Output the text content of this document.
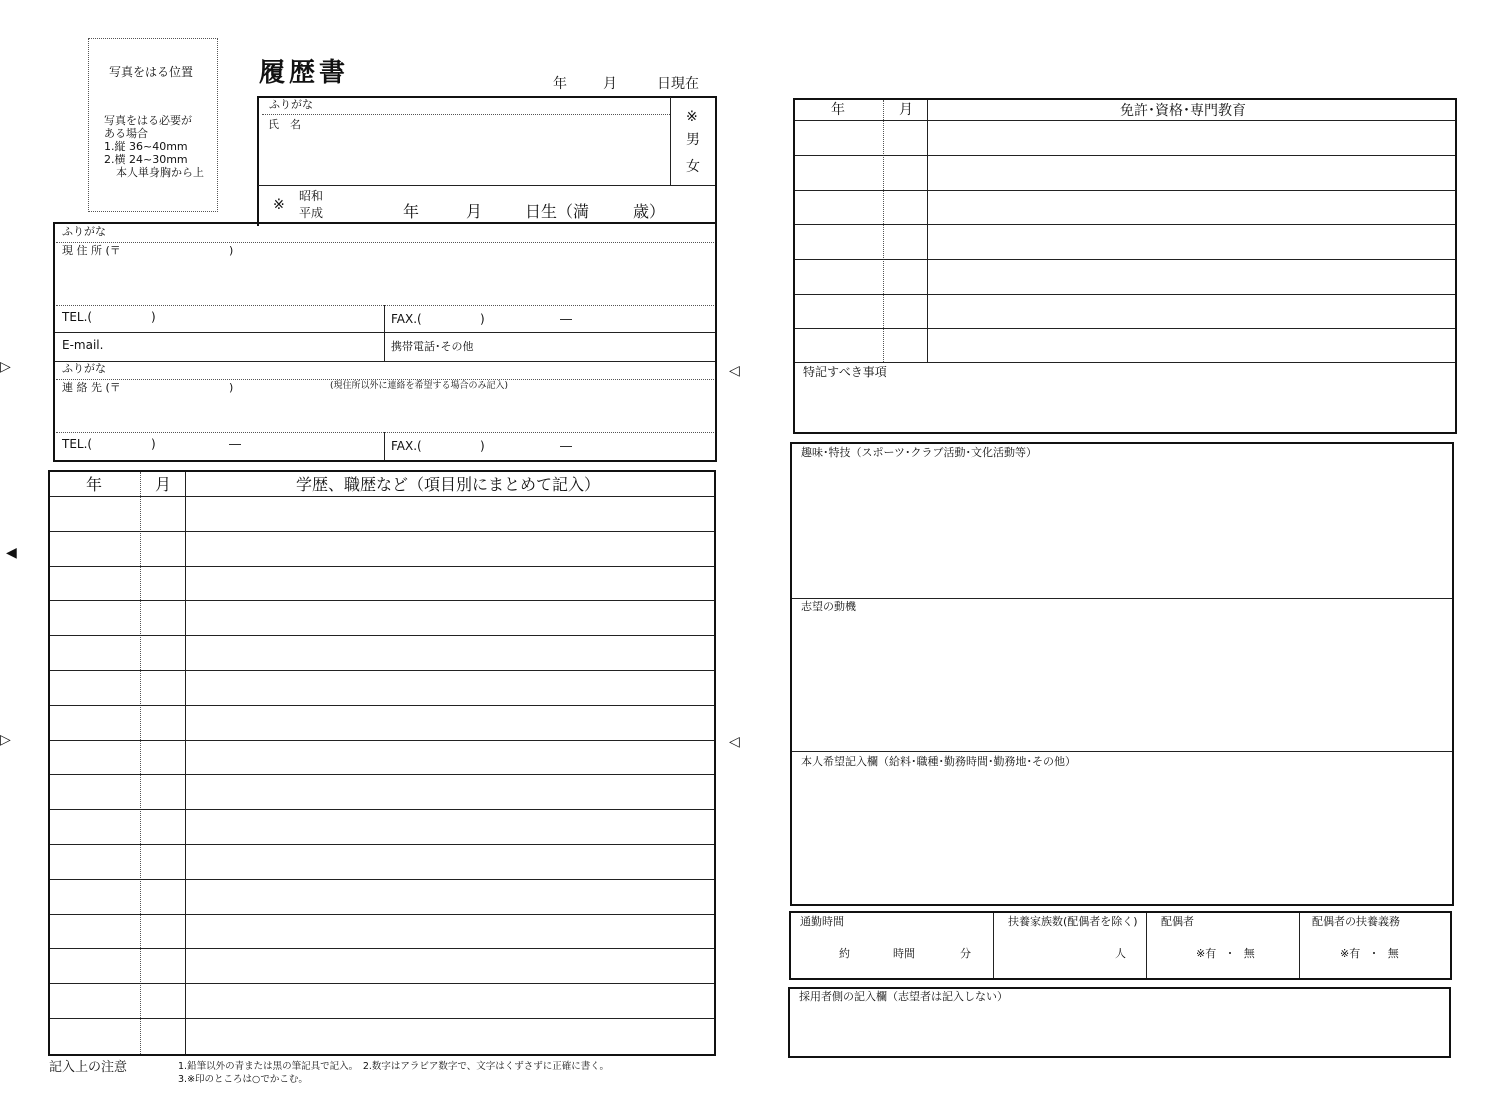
写真をはる位置
写真をはる必要が
ある場合
1.縦 36~40mm
2.横 24~30mm
本人単身胸から上
履歴書	年	月	日現在
ふりがな
氏　名	※
男
女
※
昭和
平成	年	月	日生（満	歳）
ふりがな
現 住 所 (〒	)
TEL.(	)	FAX.(	)	―
E-mail.	携帯電話･その他
ふりがな
連 絡 先 (〒	)	(現住所以外に連絡を希望する場合のみ記入)
TEL.(	)	―	FAX.(	)	―
年	月	学歴、職歴など（項目別にまとめて記入）
記入上の注意	1.鉛筆以外の青または黒の筆記具で記入。　2.数字はアラビア数字で、文字はくずさずに正確に書く。
3.※印のところは○でかこむ。
▷
◀
▷
◁
◁
年	月	免許･資格･専門教育
特記すべき事項
趣味･特技（スポーツ･クラブ活動･文化活動等）
志望の動機
本人希望記入欄（給料･職種･勤務時間･勤務地･その他）
通勤時間
約	時間	分
扶養家族数(配偶者を除く)
人
配偶者
※有　･　無
配偶者の扶養義務
※有　･　無
採用者側の記入欄（志望者は記入しない）
